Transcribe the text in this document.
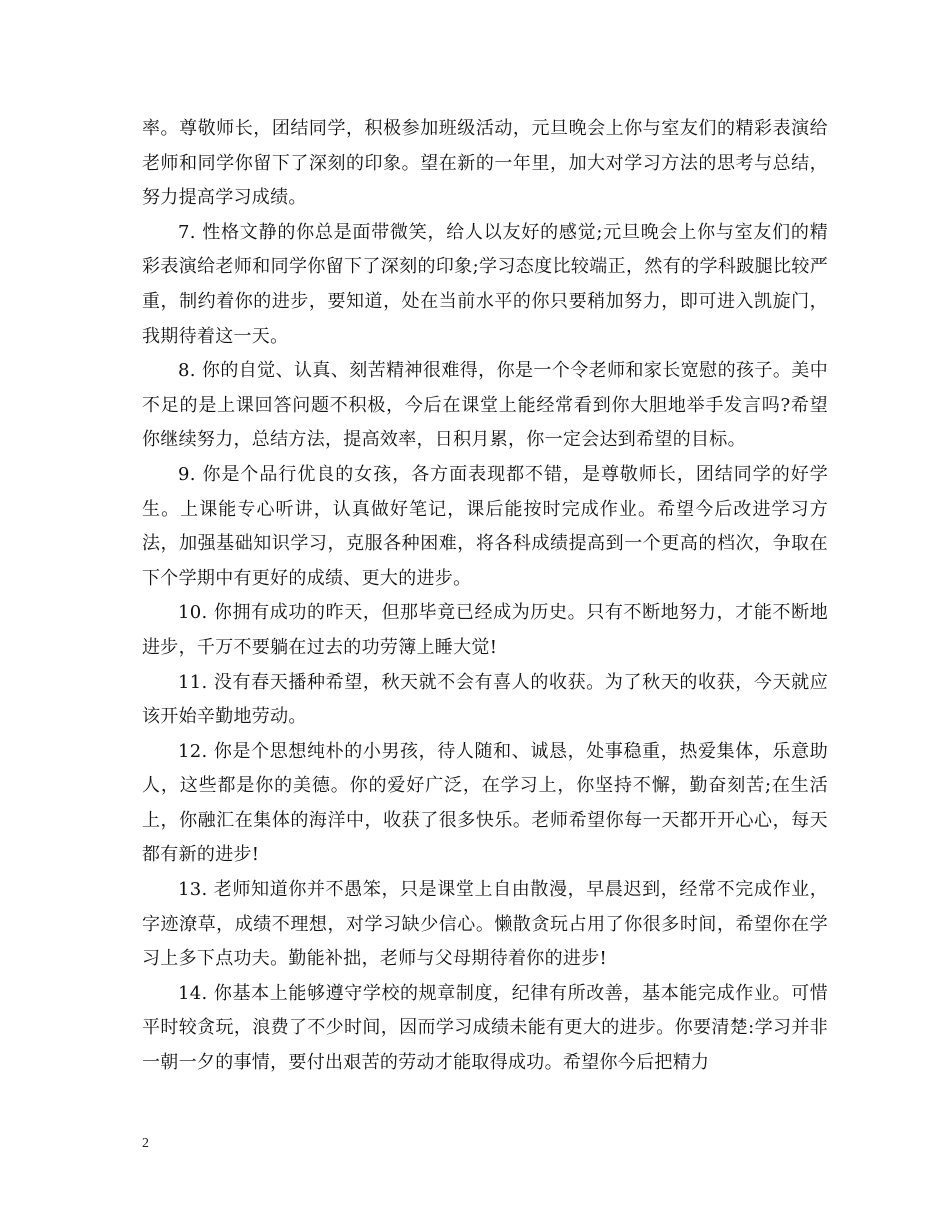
率。尊敬师长，团结同学，积极参加班级活动，元旦晚会上你与室友们的精彩表演给老师和同学你留下了深刻的印象。望在新的一年里，加大对学习方法的思考与总结，努力提高学习成绩。

7. 性格文静的你总是面带微笑，给人以友好的感觉;元旦晚会上你与室友们的精彩表演给老师和同学你留下了深刻的印象;学习态度比较端正，然有的学科跛腿比较严重，制约着你的进步，要知道，处在当前水平的你只要稍加努力，即可进入凯旋门，我期待着这一天。

8. 你的自觉、认真、刻苦精神很难得，你是一个令老师和家长宽慰的孩子。美中不足的是上课回答问题不积极，今后在课堂上能经常看到你大胆地举手发言吗?希望你继续努力，总结方法，提高效率，日积月累，你一定会达到希望的目标。

9. 你是个品行优良的女孩，各方面表现都不错，是尊敬师长，团结同学的好学生。上课能专心听讲，认真做好笔记，课后能按时完成作业。希望今后改进学习方法，加强基础知识学习，克服各种困难，将各科成绩提高到一个更高的档次，争取在下个学期中有更好的成绩、更大的进步。

10. 你拥有成功的昨天，但那毕竟已经成为历史。只有不断地努力，才能不断地进步，千万不要躺在过去的功劳簿上睡大觉!

11. 没有春天播种希望，秋天就不会有喜人的收获。为了秋天的收获，今天就应该开始辛勤地劳动。

12. 你是个思想纯朴的小男孩，待人随和、诚恳，处事稳重，热爱集体，乐意助人，这些都是你的美德。你的爱好广泛，在学习上，你坚持不懈，勤奋刻苦;在生活上，你融汇在集体的海洋中，收获了很多快乐。老师希望你每一天都开开心心，每天都有新的进步!

13. 老师知道你并不愚笨，只是课堂上自由散漫，早晨迟到，经常不完成作业，字迹潦草，成绩不理想，对学习缺少信心。懒散贪玩占用了你很多时间，希望你在学习上多下点功夫。勤能补拙，老师与父母期待着你的进步!

14. 你基本上能够遵守学校的规章制度，纪律有所改善，基本能完成作业。可惜平时较贪玩，浪费了不少时间，因而学习成绩未能有更大的进步。你要清楚:学习并非一朝一夕的事情，要付出艰苦的劳动才能取得成功。希望你今后把精力

2
